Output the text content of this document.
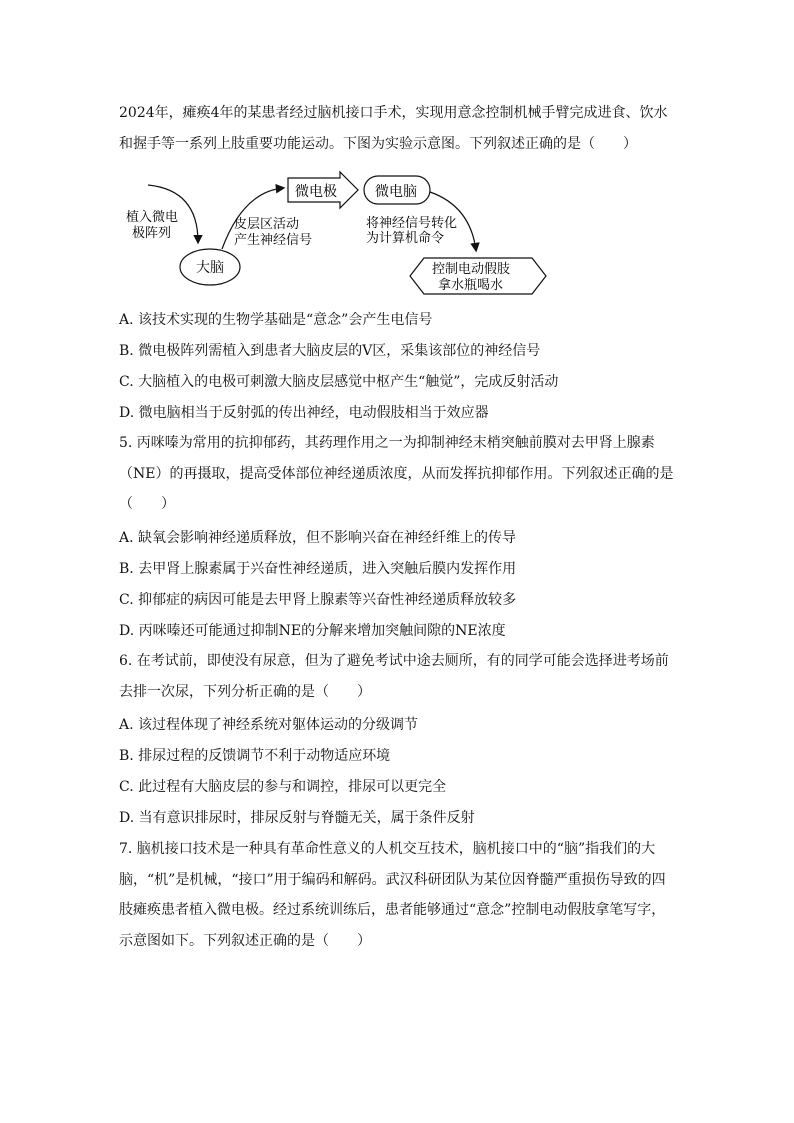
2024年，瘫痪4年的某患者经过脑机接口手术，实现用意念控制机械手臂完成进食、饮水
和握手等一系列上肢重要功能运动。下图为实验示意图。下列叙述正确的是（　　）
植入微电
极阵列
大脑
皮层区活动
产生神经信号
微电极	微电脑
将神经信号转化
为计算机命令
控制电动假肢
拿水瓶喝水
A. 该技术实现的生物学基础是“意念”会产生电信号
B. 微电极阵列需植入到患者大脑皮层的V区，采集该部位的神经信号
C. 大脑植入的电极可刺激大脑皮层感觉中枢产生“触觉”，完成反射活动
D. 微电脑相当于反射弧的传出神经，电动假肢相当于效应器
5. 丙咪嗪为常用的抗抑郁药，其药理作用之一为抑制神经末梢突触前膜对去甲肾上腺素
（NE）的再摄取，提高受体部位神经递质浓度，从而发挥抗抑郁作用。下列叙述正确的是
（　　）
A. 缺氧会影响神经递质释放，但不影响兴奋在神经纤维上的传导
B. 去甲肾上腺素属于兴奋性神经递质，进入突触后膜内发挥作用
C. 抑郁症的病因可能是去甲肾上腺素等兴奋性神经递质释放较多
D. 丙咪嗪还可能通过抑制NE的分解来增加突触间隙的NE浓度
6. 在考试前，即使没有尿意，但为了避免考试中途去厕所，有的同学可能会选择进考场前
去排一次尿，下列分析正确的是（　　）
A. 该过程体现了神经系统对躯体运动的分级调节
B. 排尿过程的反馈调节不利于动物适应环境
C. 此过程有大脑皮层的参与和调控，排尿可以更完全
D. 当有意识排尿时，排尿反射与脊髓无关，属于条件反射
7. 脑机接口技术是一种具有革命性意义的人机交互技术，脑机接口中的“脑”指我们的大
脑，“机”是机械，“接口”用于编码和解码。武汉科研团队为某位因脊髓严重损伤导致的四
肢瘫痪患者植入微电极。经过系统训练后，患者能够通过“意念”控制电动假肢拿笔写字，
示意图如下。下列叙述正确的是（　　）
